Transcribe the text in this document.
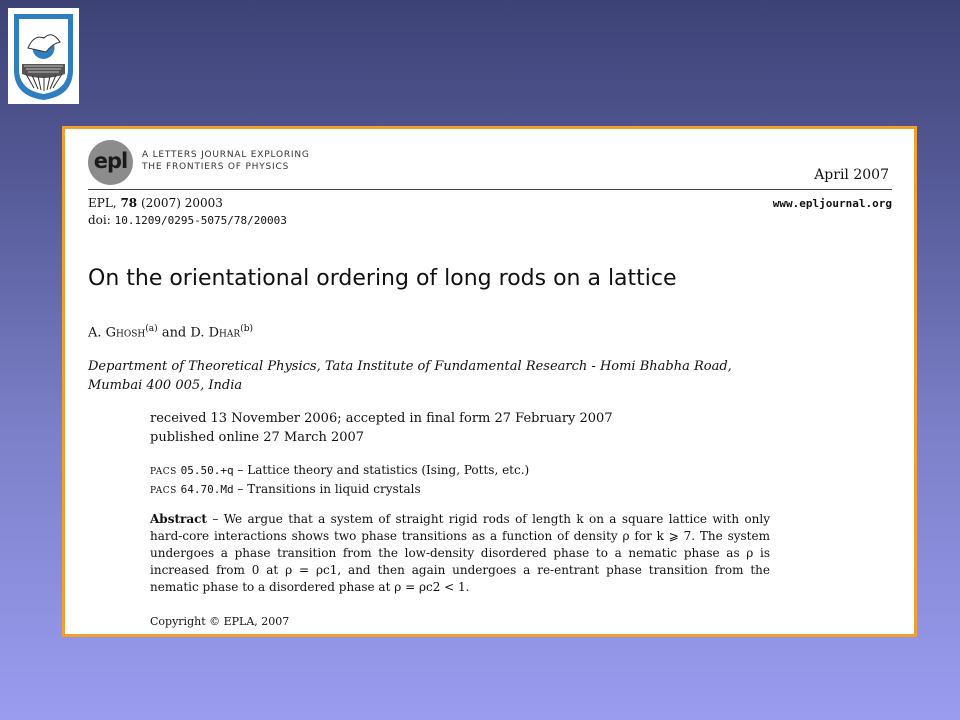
epl A LETTERS JOURNAL EXPLORING
THE FRONTIERS OF PHYSICS	April 2007
EPL, 78 (2007) 20003
doi: 10.1209/0295-5075/78/20003
www.epljournal.org
On the orientational ordering of long rods on a lattice
A. Ghosh$^{(a)}$ and D. Dhar$^{(b)}$
Department of Theoretical Physics, Tata Institute of Fundamental Research - Homi Bhabha Road, Mumbai 400 005, India
received 13 November 2006; accepted in final form 27 February 2007
published online 27 March 2007
PACS 05.50.+q – Lattice theory and statistics (Ising, Potts, etc.)
PACS 64.70.Md – Transitions in liquid crystals
Abstract – We argue that a system of straight rigid rods of length k on a square lattice with only hard-core interactions shows two phase transitions as a function of density ρ for k ⩾ 7. The system undergoes a phase transition from the low-density disordered phase to a nematic phase as ρ is increased from 0 at ρ = ρc1, and then again undergoes a re-entrant phase transition from the nematic phase to a disordered phase at ρ = ρc2 < 1.
Copyright © EPLA, 2007
